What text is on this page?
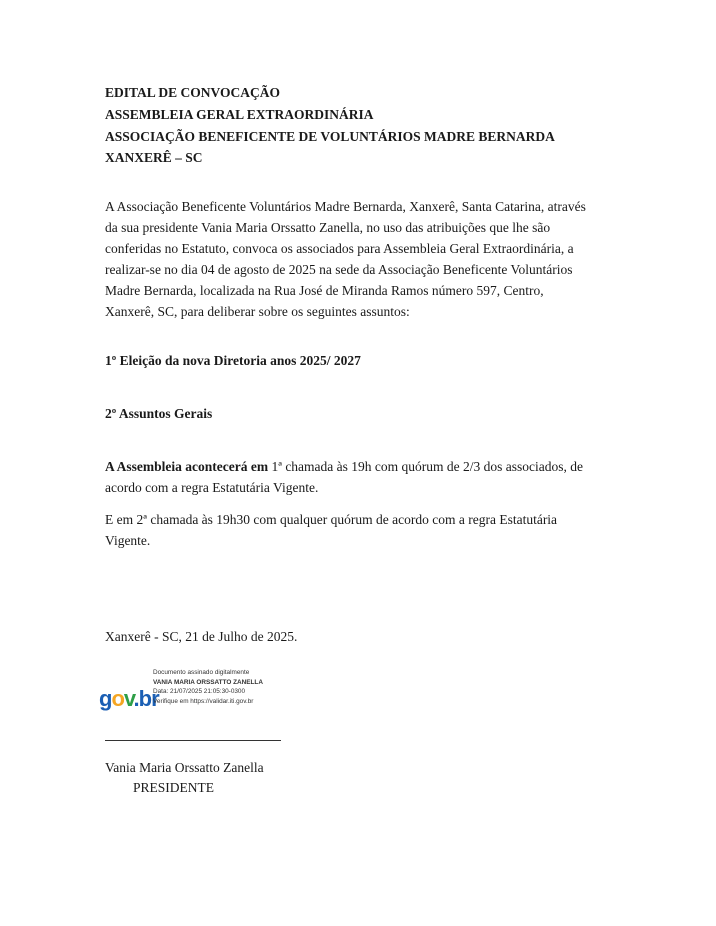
EDITAL DE CONVOCAÇÃO
ASSEMBLEIA GERAL EXTRAORDINÁRIA
ASSOCIAÇÃO BENEFICENTE DE VOLUNTÁRIOS MADRE BERNARDA
XANXERÊ – SC
A Associação Beneficente Voluntários Madre Bernarda, Xanxerê, Santa Catarina, através
da sua presidente Vania Maria Orssatto Zanella, no uso das atribuições que lhe são
conferidas no Estatuto, convoca os associados para Assembleia Geral Extraordinária, a
realizar-se no dia 04 de agosto de 2025 na sede da Associação Beneficente Voluntários
Madre Bernarda, localizada na Rua José de Miranda Ramos número 597, Centro,
Xanxerê, SC, para deliberar sobre os seguintes assuntos:
1º Eleição da nova Diretoria anos 2025/ 2027
2º Assuntos Gerais
A Assembleia acontecerá em 1ª chamada às 19h com quórum de 2/3 dos associados, de
acordo com a regra Estatutária Vigente.
E em 2ª chamada às 19h30 com qualquer quórum de acordo com a regra Estatutária
Vigente.
Xanxerê - SC, 21 de Julho de 2025.
gov.br
Documento assinado digitalmente
VANIA MARIA ORSSATTO ZANELLA
Data: 21/07/2025 21:05:30-0300
Verifique em https://validar.iti.gov.br
Vania Maria Orssatto Zanella
PRESIDENTE
